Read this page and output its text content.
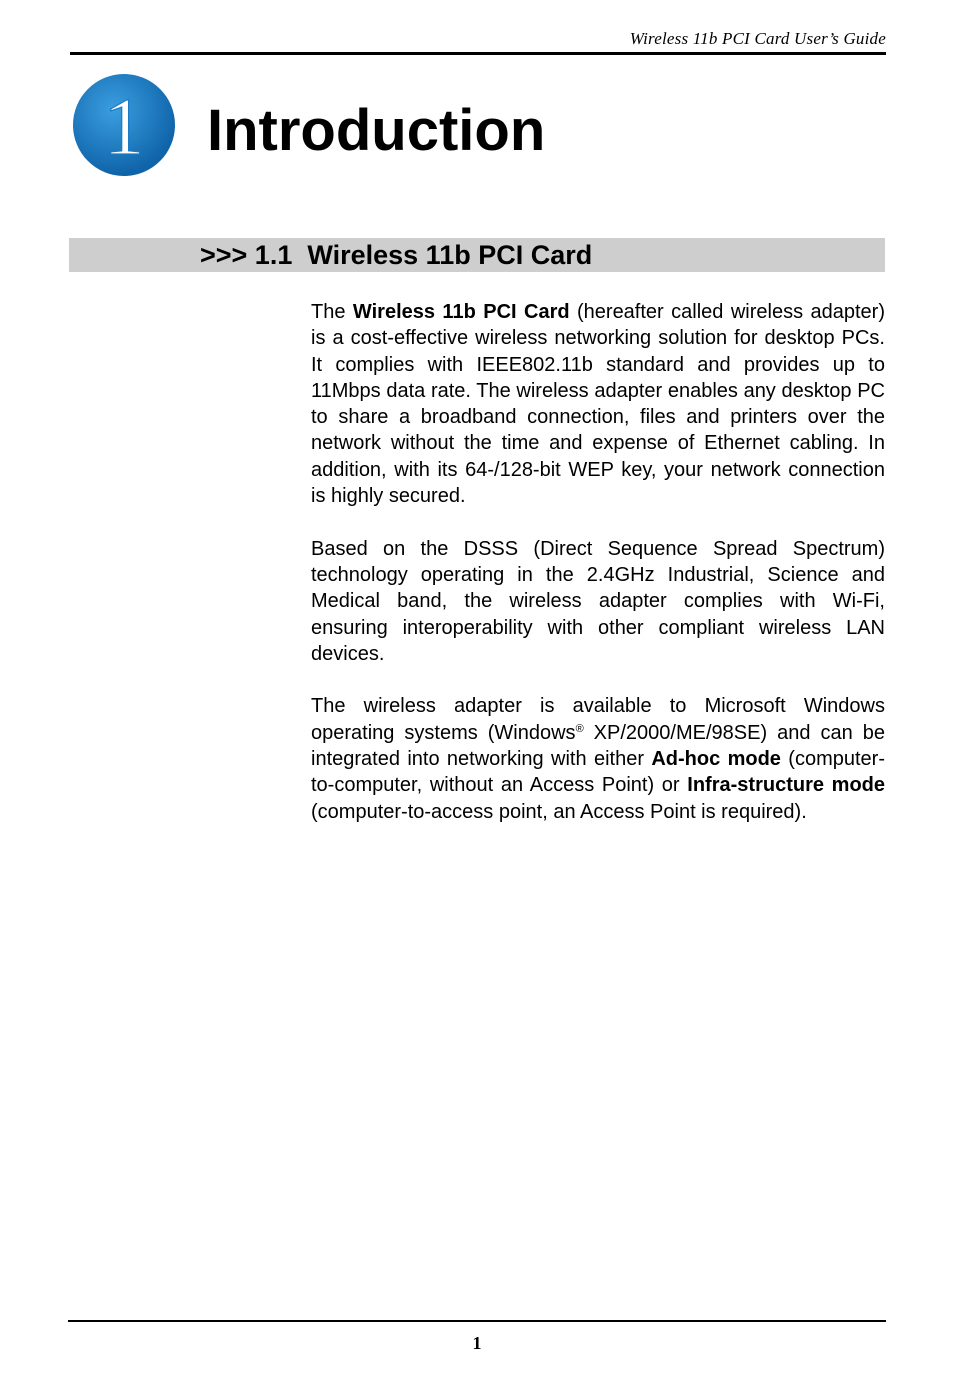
Wireless 11b PCI Card User’s Guide
1 Introduction
>>> 1.1  Wireless 11b PCI Card

The Wireless 11b PCI Card (hereafter called wireless adapter) is a cost-effective wireless networking solution for desktop PCs. It complies with IEEE802.11b standard and provides up to 11Mbps data rate. The wireless adapter enables any desktop PC to share a broadband connection, files and printers over the network without the time and expense of Ethernet cabling. In addition, with its 64-/128-bit WEP key, your network connection is highly secured.

Based on the DSSS (Direct Sequence Spread Spectrum) technology operating in the 2.4GHz Industrial, Science and Medical band, the wireless adapter complies with Wi-Fi, ensuring interoperability with other compliant wireless LAN devices.

The wireless adapter is available to Microsoft Windows operating systems (Windows® XP/2000/ME/98SE) and can be integrated into networking with either Ad-hoc mode (computer-to-computer, without an Access Point) or Infra-structure mode (computer-to-access point, an Access Point is required).

1
